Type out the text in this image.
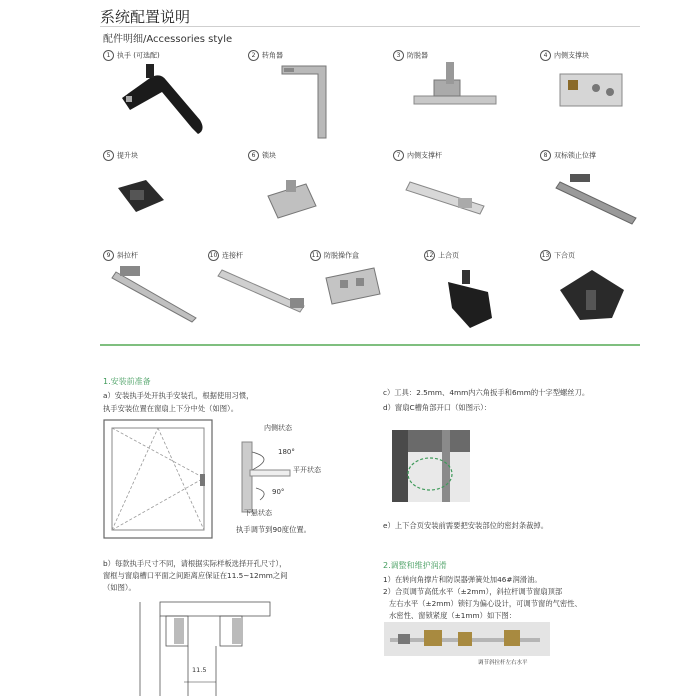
系统配置说明
配件明细/Accessories style
1 执手 (可选配)	2 转角器	3 防脱器	4 内侧支撑块
5 提升块	6 锁块	7 内侧支撑杆	8 双标锁止位撑
9 斜拉杆	10 连接杆	11 防脱操作盒	12 上合页	13 下合页
1.安装前准备
a）安装执手处开执手安装孔，根据使用习惯，
执手安装位置在窗扇上下分中处（如图）。
内侧状态
180°
平开状态
90°
下悬状态
执手调节到90度位置。
b）每款执手尺寸不同，请根据实际样板选择开孔尺寸），
窗框与窗扇槽口平面之间距离应保证在11.5~12mm之间
（如图）。
11.5
c）工具：2.5mm、4mm内六角扳手和6mm的十字型螺丝刀。
d）窗扇C槽角部开口（如图示）：
e）上下合页安装前需要把安装部位的密封条裁掉。
2.调整和维护润滑
1）在转向角撑片和防误器弹簧处加46#润滑油。
2）合页调节高低水平（±2mm），斜拉杆调节窗扇顶部
左右水平（±2mm）锁钉为偏心设计，可调节窗的气密性、
水密性、窗锁紧度（±1mm）如下图：
调节斜拉杆左右水平
